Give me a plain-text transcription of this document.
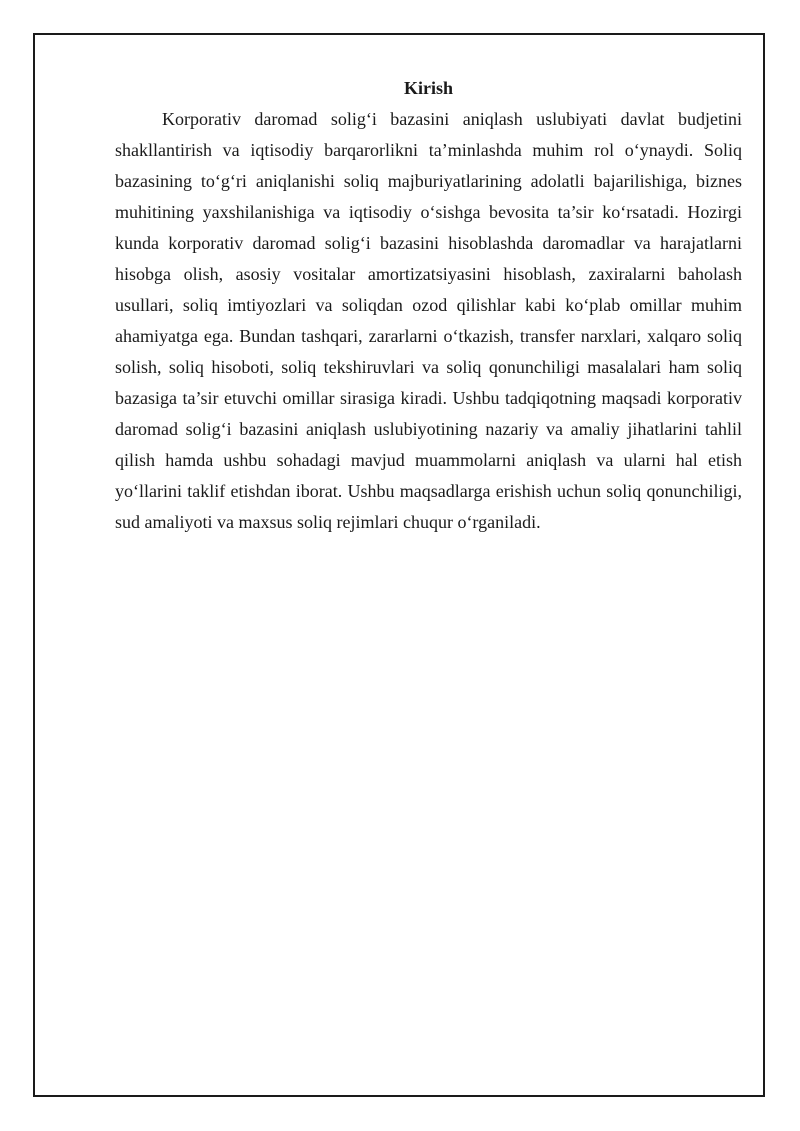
Kirish

Korporativ daromad solig‘i bazasini aniqlash uslubiyati davlat budjetini shakllantirish va iqtisodiy barqarorlikni ta’minlashda muhim rol o‘ynaydi. Soliq bazasining to‘g‘ri aniqlanishi soliq majburiyatlarining adolatli bajarilishiga, biznes muhitining yaxshilanishiga va iqtisodiy o‘sishga bevosita ta’sir ko‘rsatadi. Hozirgi kunda korporativ daromad solig‘i bazasini hisoblashda daromadlar va harajatlarni hisobga olish, asosiy vositalar amortizatsiyasini hisoblash, zaxiralarni baholash usullari, soliq imtiyozlari va soliqdan ozod qilishlar kabi ko‘plab omillar muhim ahamiyatga ega. Bundan tashqari, zararlarni o‘tkazish, transfer narxlari, xalqaro soliq solish, soliq hisoboti, soliq tekshiruvlari va soliq qonunchiligi masalalari ham soliq bazasiga ta’sir etuvchi omillar sirasiga kiradi. Ushbu tadqiqotning maqsadi korporativ daromad solig‘i bazasini aniqlash uslubiyotining nazariy va amaliy jihatlarini tahlil qilish hamda ushbu sohadagi mavjud muammolarni aniqlash va ularni hal etish yo‘llarini taklif etishdan iborat. Ushbu maqsadlarga erishish uchun soliq qonunchiligi, sud amaliyoti va maxsus soliq rejimlari chuqur o‘rganiladi.
